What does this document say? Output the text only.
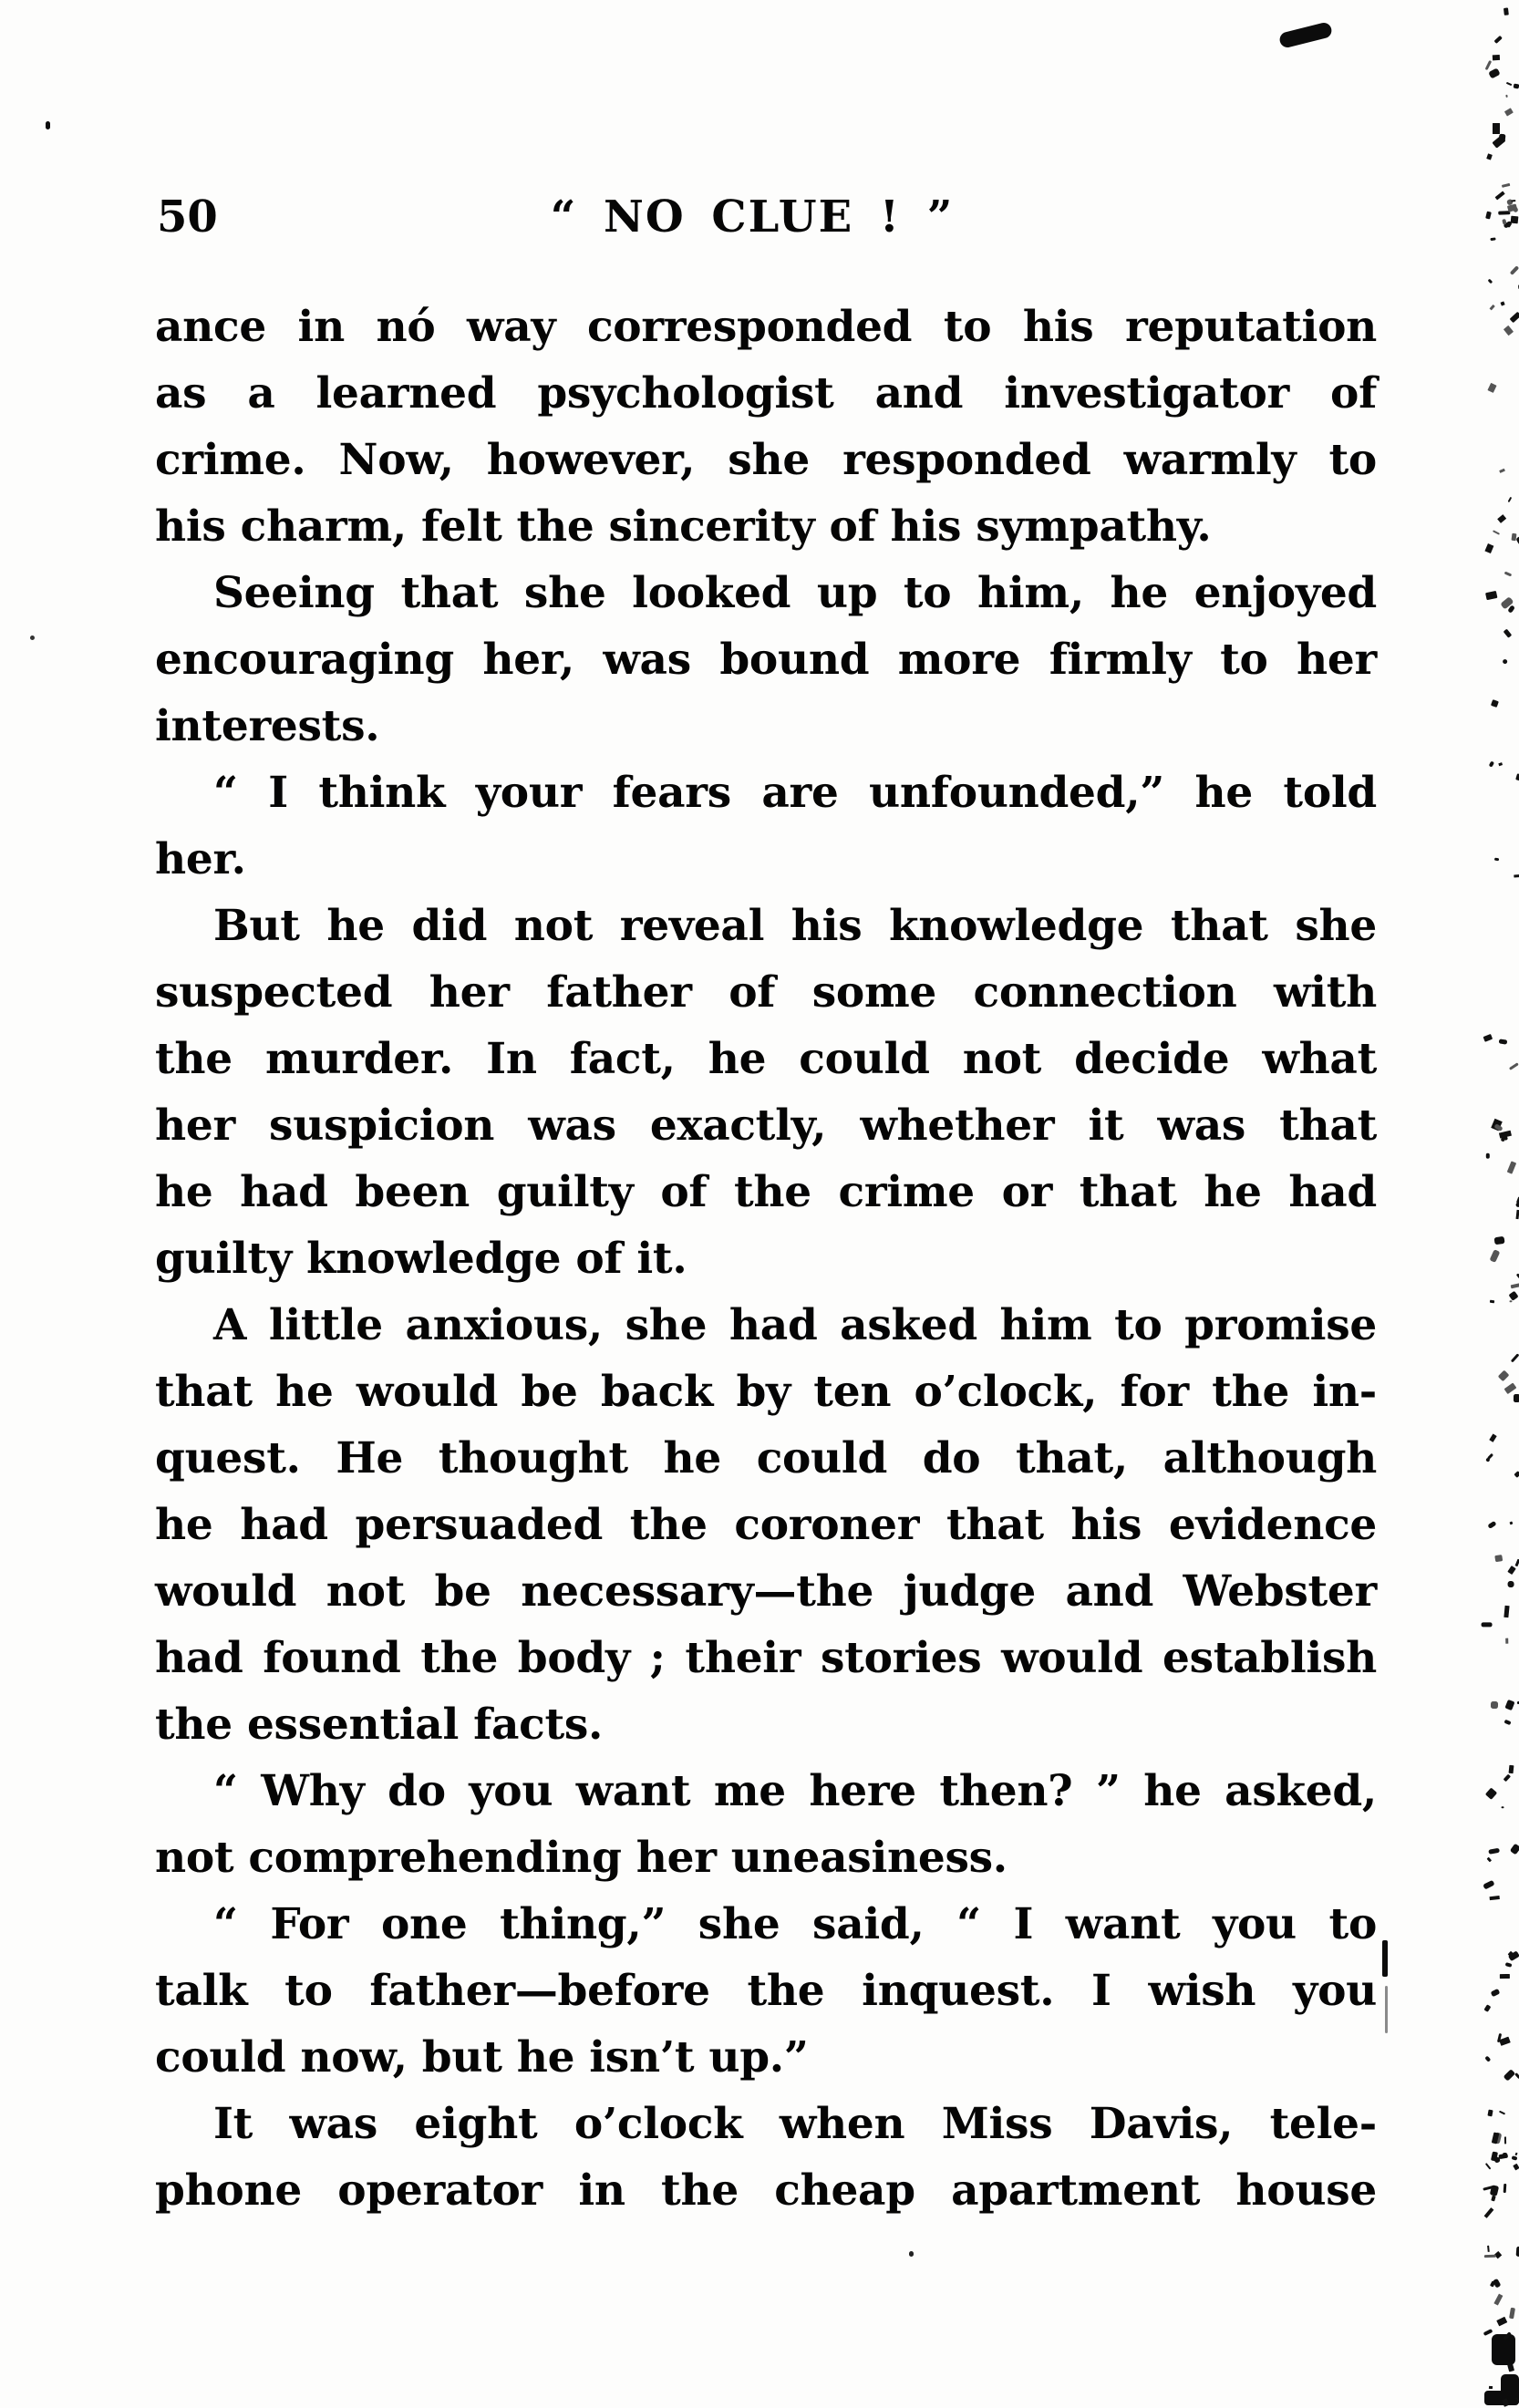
50	“ NO CLUE ! ”
ance in nó way corresponded to his reputation
as a learned psychologist and investigator of
crime. Now, however, she responded warmly to
his charm, felt the sincerity of his sympathy.
Seeing that she looked up to him, he enjoyed
encouraging her, was bound more firmly to her
interests.
“ I think your fears are unfounded,” he told
her.
But he did not reveal his knowledge that she
suspected her father of some connection with
the murder. In fact, he could not decide what
her suspicion was exactly, whether it was that
he had been guilty of the crime or that he had
guilty knowledge of it.
A little anxious, she had asked him to promise
that he would be back by ten o’clock, for the in-
quest. He thought he could do that, although
he had persuaded the coroner that his evidence
would not be necessary—the judge and Webster
had found the body ; their stories would establish
the essential facts.
“ Why do you want me here then? ” he asked,
not comprehending her uneasiness.
“ For one thing,” she said, “ I want you to
talk to father—before the inquest. I wish you
could now, but he isn’t up.”
It was eight o’clock when Miss Davis, tele-
phone operator in the cheap apartment house
